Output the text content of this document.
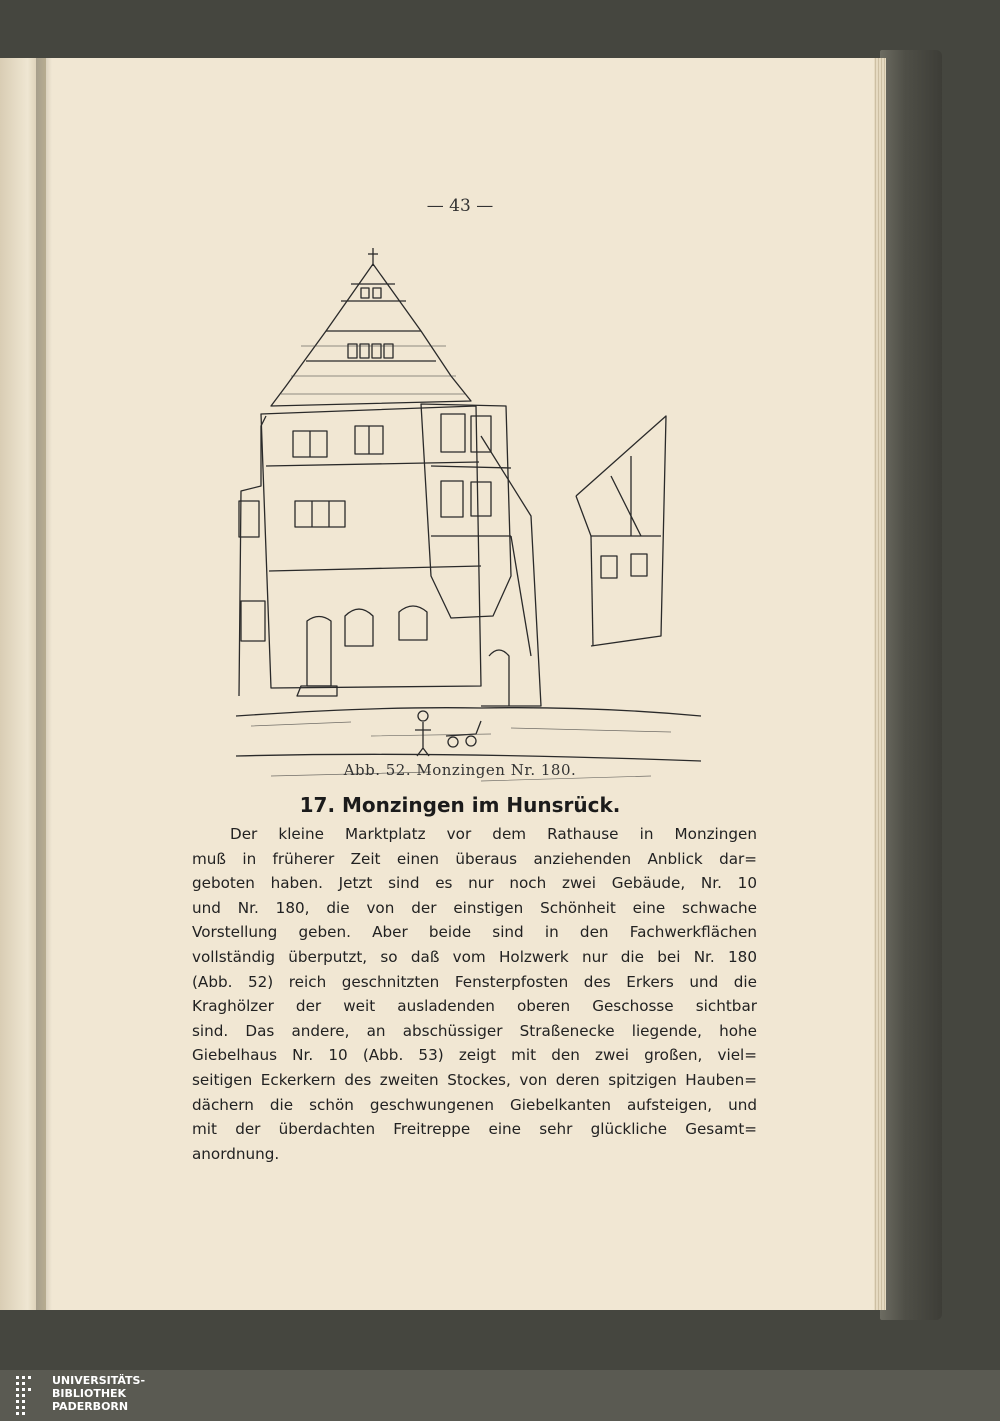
— 43 —
Abb. 52. Monzingen Nr. 180.
17. Monzingen im Hunsrück.
Der kleine Marktplatz vor dem Rathause in Monzingen
muß in früherer Zeit einen überaus anziehenden Anblick dar=
geboten haben. Jetzt sind es nur noch zwei Gebäude, Nr. 10
und Nr. 180, die von der einstigen Schönheit eine schwache
Vorstellung geben. Aber beide sind in den Fachwerkflächen
vollständig überputzt, so daß vom Holzwerk nur die bei Nr. 180
(Abb. 52) reich geschnitzten Fensterpfosten des Erkers und die
Kraghölzer der weit ausladenden oberen Geschosse sichtbar
sind. Das andere, an abschüssiger Straßenecke liegende, hohe
Giebelhaus Nr. 10 (Abb. 53) zeigt mit den zwei großen, viel=
seitigen Eckerkern des zweiten Stockes, von deren spitzigen Hauben=
dächern die schön geschwungenen Giebelkanten aufsteigen, und
mit der überdachten Freitreppe eine sehr glückliche Gesamt=
anordnung.
UNIVERSITÄTS-
BIBLIOTHEK
PADERBORN
